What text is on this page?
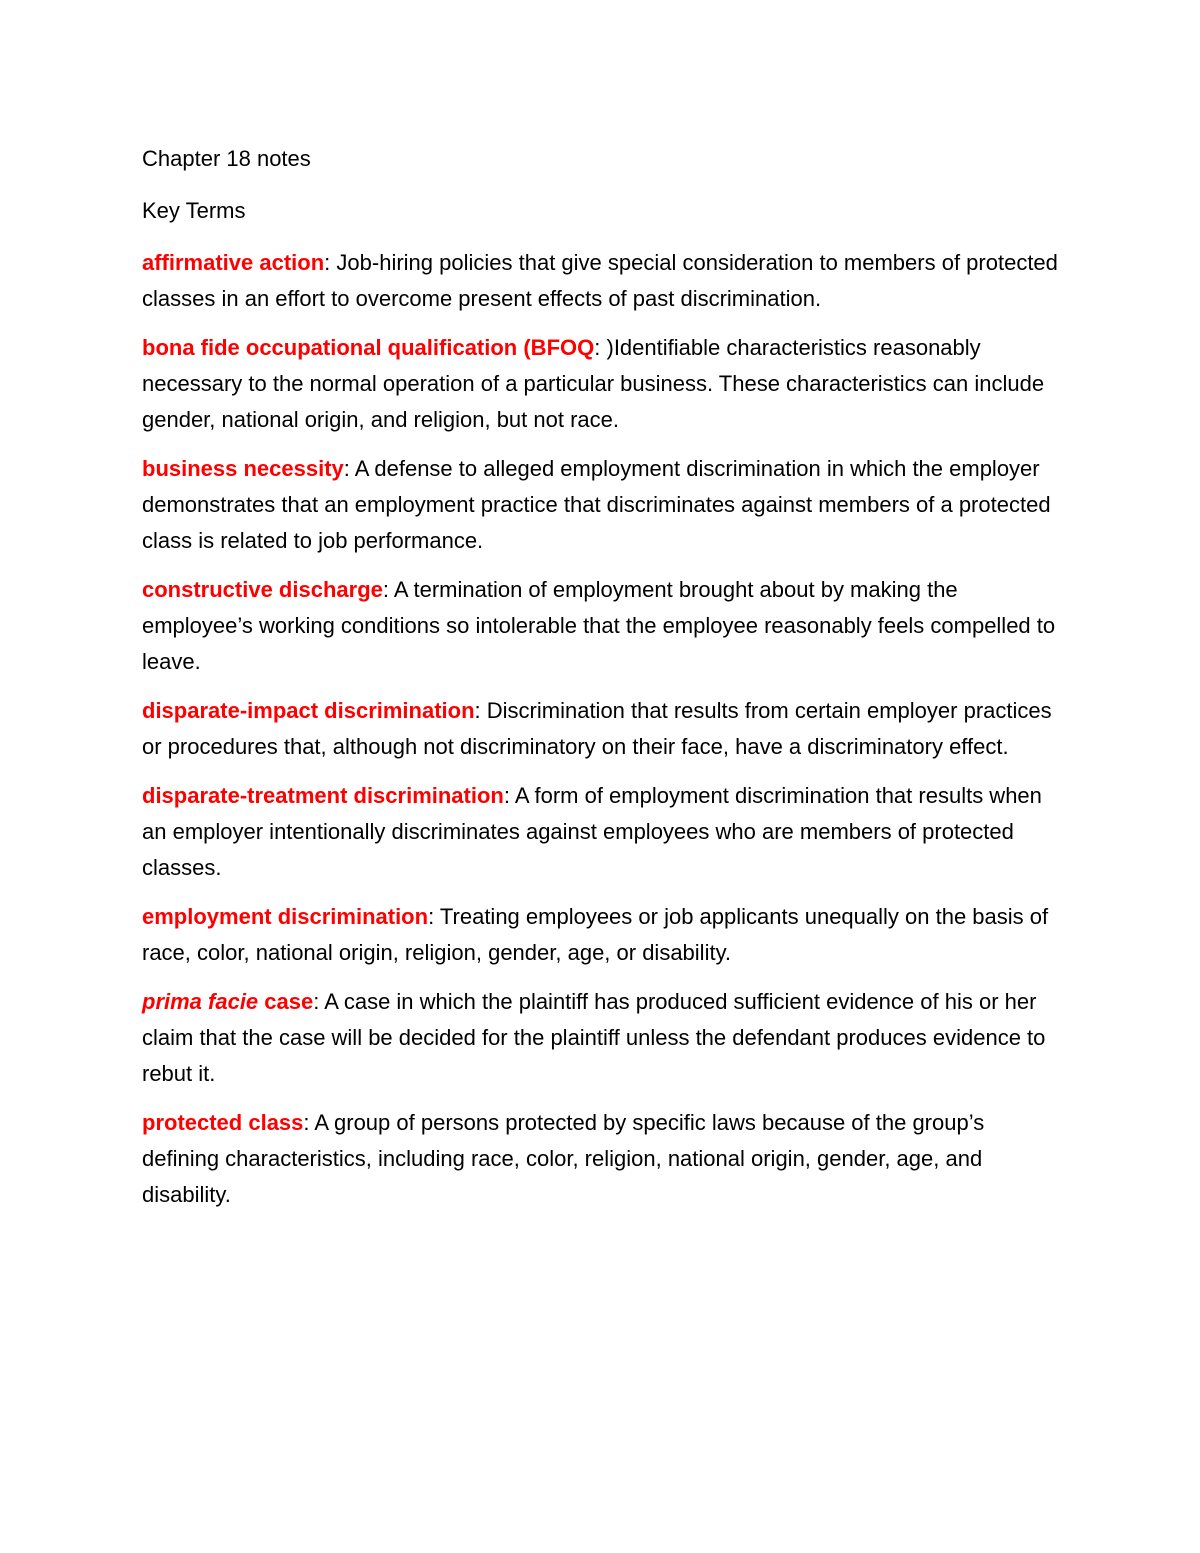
Chapter 18 notes
Key Terms
affirmative action: Job-hiring policies that give special consideration to members of protected classes in an effort to overcome present effects of past discrimination.
bona fide occupational qualification (BFOQ: )Identifiable characteristics reasonably necessary to the normal operation of a particular business. These characteristics can include gender, national origin, and religion, but not race.
business necessity: A defense to alleged employment discrimination in which the employer demonstrates that an employment practice that discriminates against members of a protected class is related to job performance.
constructive discharge: A termination of employment brought about by making the employee’s working conditions so intolerable that the employee reasonably feels compelled to leave.
disparate-impact discrimination: Discrimination that results from certain employer practices or procedures that, although not discriminatory on their face, have a discriminatory effect.
disparate-treatment discrimination: A form of employment discrimination that results when an employer intentionally discriminates against employees who are members of protected classes.
employment discrimination: Treating employees or job applicants unequally on the basis of race, color, national origin, religion, gender, age, or disability.
prima facie case: A case in which the plaintiff has produced sufficient evidence of his or her claim that the case will be decided for the plaintiff unless the defendant produces evidence to rebut it.
protected class: A group of persons protected by specific laws because of the group’s defining characteristics, including race, color, religion, national origin, gender, age, and disability.
